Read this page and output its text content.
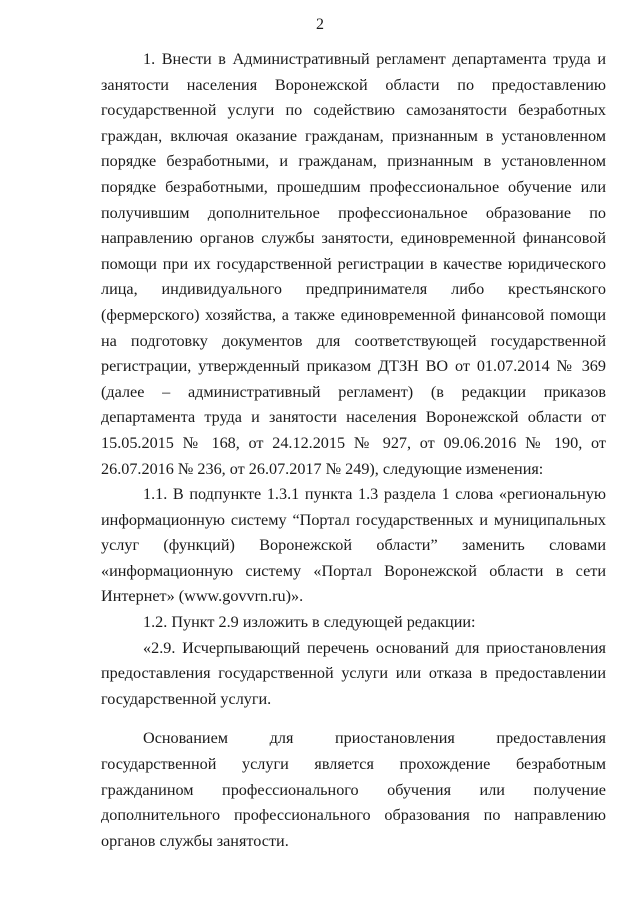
2

1. Внести в Административный регламент департамента труда и занятости населения Воронежской области по предоставлению государственной услуги по содействию самозанятости безработных граждан, включая оказание гражданам, признанным в установленном порядке безработными, и гражданам, признанным в установленном порядке безработными, прошедшим профессиональное обучение или получившим дополнительное профессиональное образование по направлению органов службы занятости, единовременной финансовой помощи при их государственной регистрации в качестве юридического лица, индивидуального предпринимателя либо крестьянского (фермерского) хозяйства, а также единовременной финансовой помощи на подготовку документов для соответствующей государственной регистрации, утвержденный приказом ДТЗН ВО от 01.07.2014 № 369 (далее – административный регламент) (в редакции приказов департамента труда и занятости населения Воронежской области от 15.05.2015 № 168, от 24.12.2015 № 927, от 09.06.2016 № 190, от 26.07.2016 № 236, от 26.07.2017 № 249), следующие изменения:

1.1. В подпункте 1.3.1 пункта 1.3 раздела 1 слова «региональную информационную систему “Портал государственных и муниципальных услуг (функций) Воронежской области” заменить словами «информационную систему «Портал Воронежской области в сети Интернет» (www.govvrn.ru)».

1.2. Пункт 2.9 изложить в следующей редакции:

«2.9. Исчерпывающий перечень оснований для приостановления предоставления государственной услуги или отказа в предоставлении государственной услуги.

Основанием для приостановления предоставления государственной услуги является прохождение безработным гражданином профессионального обучения или получение дополнительного профессионального образования по направлению органов службы занятости.
